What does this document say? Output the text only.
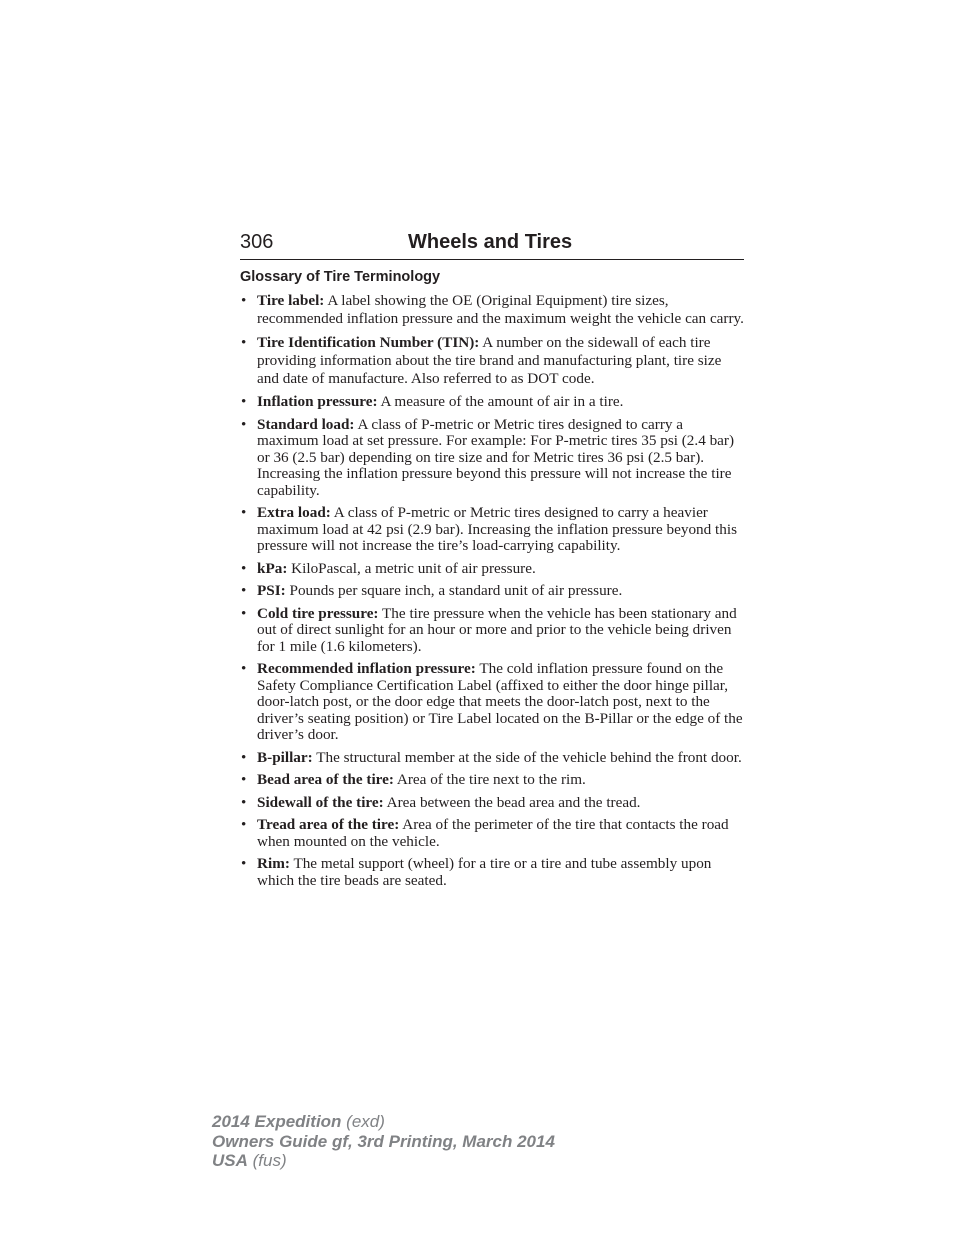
306	Wheels and Tires
Glossary of Tire Terminology
• Tire label: A label showing the OE (Original Equipment) tire sizes, recommended inflation pressure and the maximum weight the vehicle can carry.
• Tire Identification Number (TIN): A number on the sidewall of each tire providing information about the tire brand and manufacturing plant, tire size and date of manufacture. Also referred to as DOT code.
• Inflation pressure: A measure of the amount of air in a tire.
• Standard load: A class of P-metric or Metric tires designed to carry a maximum load at set pressure. For example: For P-metric tires 35 psi (2.4 bar) or 36 (2.5 bar) depending on tire size and for Metric tires 36 psi (2.5 bar). Increasing the inflation pressure beyond this pressure will not increase the tire capability.
• Extra load: A class of P-metric or Metric tires designed to carry a heavier maximum load at 42 psi (2.9 bar). Increasing the inflation pressure beyond this pressure will not increase the tire’s load-carrying capability.
• kPa: KiloPascal, a metric unit of air pressure.
• PSI: Pounds per square inch, a standard unit of air pressure.
• Cold tire pressure: The tire pressure when the vehicle has been stationary and out of direct sunlight for an hour or more and prior to the vehicle being driven for 1 mile (1.6 kilometers).
• Recommended inflation pressure: The cold inflation pressure found on the Safety Compliance Certification Label (affixed to either the door hinge pillar, door-latch post, or the door edge that meets the door-latch post, next to the driver’s seating position) or Tire Label located on the B-Pillar or the edge of the driver’s door.
• B-pillar: The structural member at the side of the vehicle behind the front door.
• Bead area of the tire: Area of the tire next to the rim.
• Sidewall of the tire: Area between the bead area and the tread.
• Tread area of the tire: Area of the perimeter of the tire that contacts the road when mounted on the vehicle.
• Rim: The metal support (wheel) for a tire or a tire and tube assembly upon which the tire beads are seated.
2014 Expedition (exd)
Owners Guide gf, 3rd Printing, March 2014
USA (fus)
